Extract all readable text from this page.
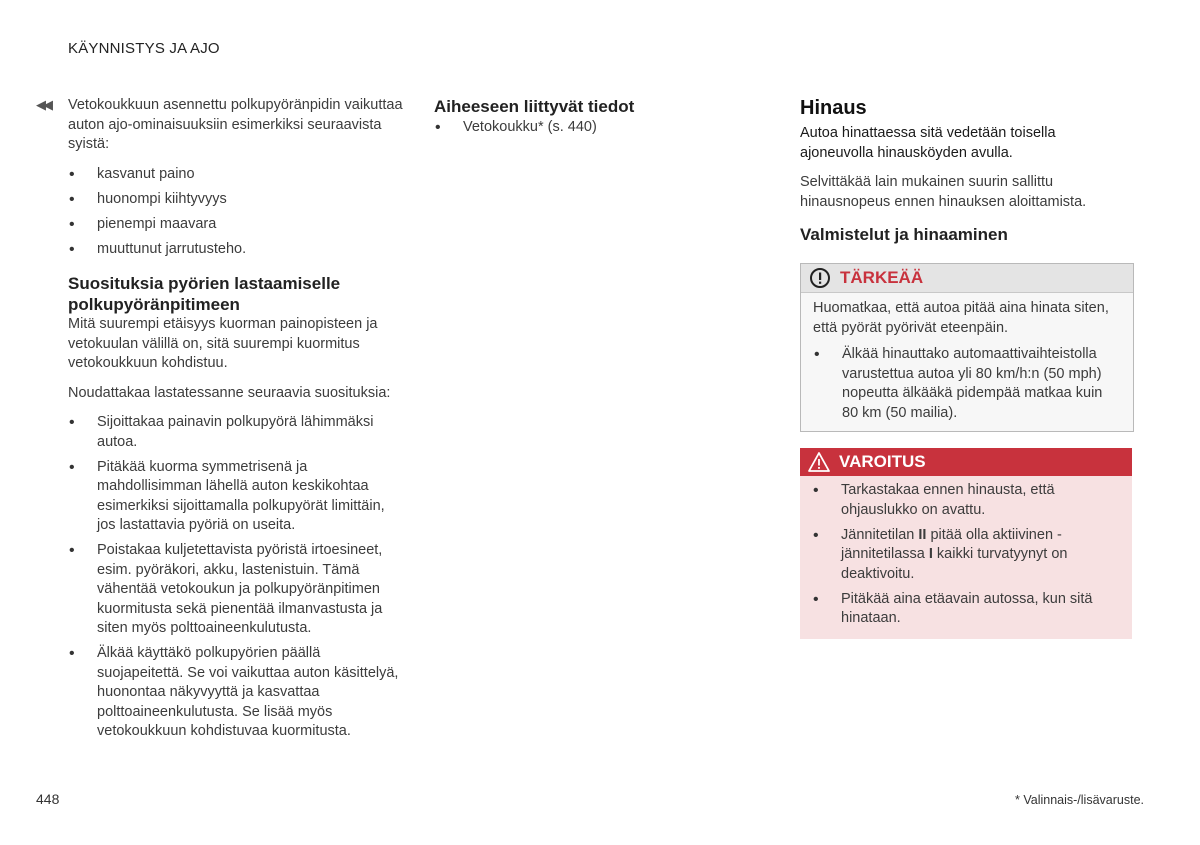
KÄYNNISTYS JA AJO
◀◀ Vetokoukkuun asennettu polkupyöränpidin vaikuttaa auton ajo-ominaisuuksiin esimerkiksi seuraavista syistä:

• kasvanut paino
• huonompi kiihtyvyys
• pienempi maavara
• muuttunut jarrutusteho.
Suosituksia pyörien lastaamiselle polkupyöränpitimeen

Mitä suurempi etäisyys kuorman painopisteen ja vetokuulan välillä on, sitä suurempi kuormitus vetokoukkuun kohdistuu.

Noudattakaa lastatessanne seuraavia suosituksia:

• Sijoittakaa painavin polkupyörä lähimmäksi autoa.
• Pitäkää kuorma symmetrisenä ja mahdollisimman lähellä auton keskikohtaa esimerkiksi sijoittamalla polkupyörät limittäin, jos lastattavia pyöriä on useita.
• Poistakaa kuljetettavista pyöristä irtoesineet, esim. pyöräkori, akku, lastenistuin. Tämä vähentää vetokoukun ja polkupyöränpitimen kuormitusta sekä pienentää ilmanvastusta ja siten myös polttoaineenkulutusta.
• Älkää käyttäkö polkupyörien päällä suojapeitettä. Se voi vaikuttaa auton käsittelyä, huonontaa näkyvyyttä ja kasvattaa polttoaineenkulutusta. Se lisää myös vetokoukkuun kohdistuvaa kuormitusta.
Aiheeseen liittyvät tiedot
• Vetokoukku* (s. 440)
Hinaus

Autoa hinattaessa sitä vedetään toisella ajoneuvolla hinausköyden avulla.

Selvittäkää lain mukainen suurin sallittu hinausnopeus ennen hinauksen aloittamista.

Valmistelut ja hinaaminen
TÄRKEÄÄ

Huomatkaa, että autoa pitää aina hinata siten, että pyörät pyörivät eteenpäin.

• Älkää hinauttako automaattivaihteistolla varustettua autoa yli 80 km/h:n (50 mph) nopeutta älkääkä pidempää matkaa kuin 80 km (50 mailia).
VAROITUS
• Tarkastakaa ennen hinausta, että ohjauslukko on avattu.
• Jännitetilan II pitää olla aktiivinen - jännitetilassa I kaikki turvatyynyt on deaktivoitu.
• Pitäkää aina etäavain autossa, kun sitä hinataan.
448	* Valinnais-/lisävaruste.
